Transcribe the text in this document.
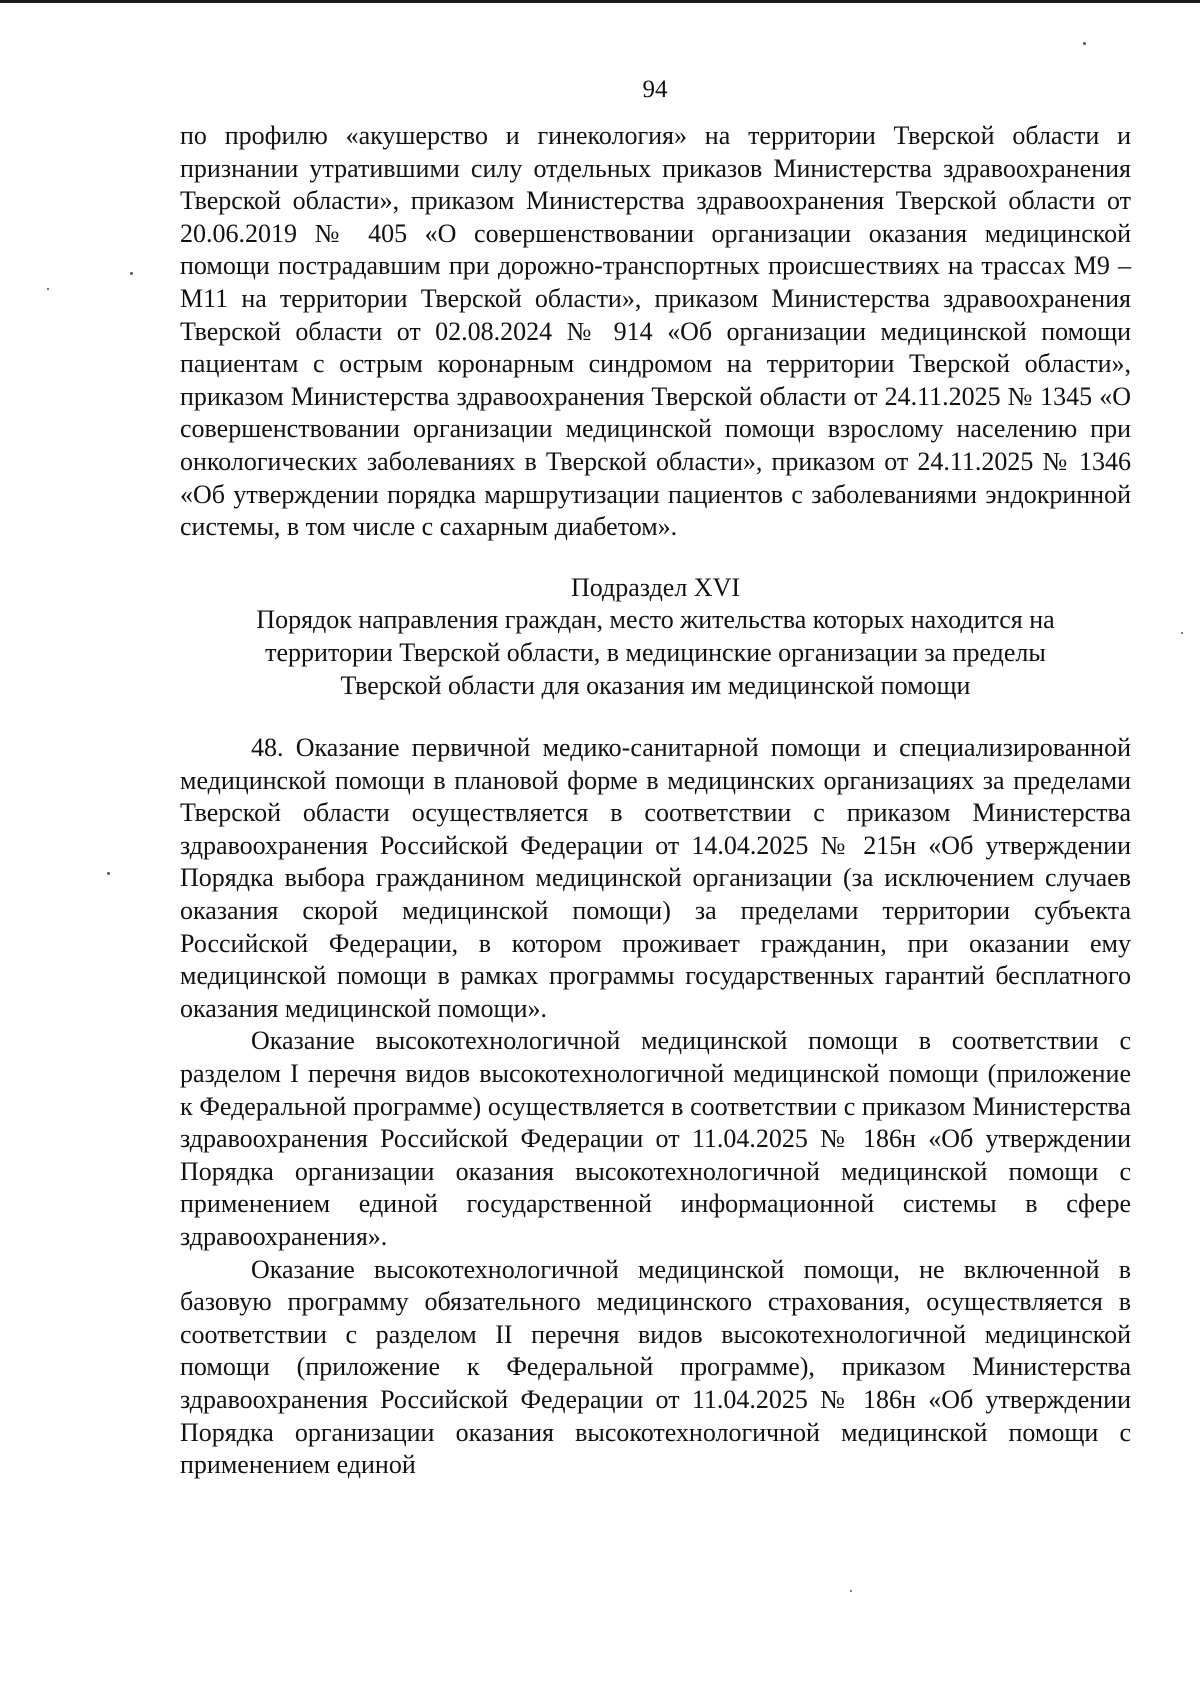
94

по профилю «акушерство и гинекология» на территории Тверской области и признании утратившими силу отдельных приказов Министерства здравоохранения Тверской области», приказом Министерства здравоохранения Тверской области от 20.06.2019 № 405 «О совершенствовании организации оказания медицинской помощи пострадавшим при дорожно-транспортных происшествиях на трассах М9 – М11 на территории Тверской области», приказом Министерства здравоохранения Тверской области от 02.08.2024 № 914 «Об организации медицинской помощи пациентам с острым коронарным синдромом на территории Тверской области», приказом Министерства здравоохранения Тверской области от 24.11.2025 № 1345 «О совершенствовании организации медицинской помощи взрослому населению при онкологических заболеваниях в Тверской области», приказом от 24.11.2025 № 1346 «Об утверждении порядка маршрутизации пациентов с заболеваниями эндокринной системы, в том числе с сахарным диабетом».

Подраздел XVI
Порядок направления граждан, место жительства которых находится на
территории Тверской области, в медицинские организации за пределы
Тверской области для оказания им медицинской помощи

48. Оказание первичной медико-санитарной помощи и специализированной медицинской помощи в плановой форме в медицинских организациях за пределами Тверской области осуществляется в соответствии с приказом Министерства здравоохранения Российской Федерации от 14.04.2025 № 215н «Об утверждении Порядка выбора гражданином медицинской организации (за исключением случаев оказания скорой медицинской помощи) за пределами территории субъекта Российской Федерации, в котором проживает гражданин, при оказании ему медицинской помощи в рамках программы государственных гарантий бесплатного оказания медицинской помощи».

Оказание высокотехнологичной медицинской помощи в соответствии с разделом I перечня видов высокотехнологичной медицинской помощи (приложение к Федеральной программе) осуществляется в соответствии с приказом Министерства здравоохранения Российской Федерации от 11.04.2025 № 186н «Об утверждении Порядка организации оказания высокотехнологичной медицинской помощи с применением единой государственной информационной системы в сфере здравоохранения».

Оказание высокотехнологичной медицинской помощи, не включенной в базовую программу обязательного медицинского страхования, осуществляется в соответствии с разделом II перечня видов высокотехнологичной медицинской помощи (приложение к Федеральной программе), приказом Министерства здравоохранения Российской Федерации от 11.04.2025 № 186н «Об утверждении Порядка организации оказания высокотехнологичной медицинской помощи с применением единой
